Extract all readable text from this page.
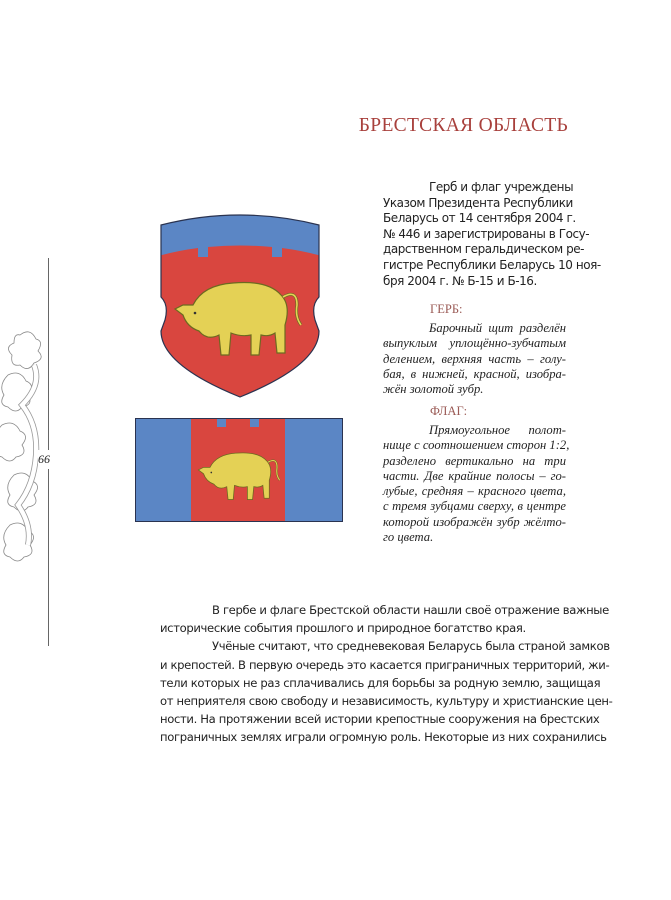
БРЕСТСКАЯ ОБЛАСТЬ
Герб и флаг учреждены
Указом Президента Республики
Беларусь от 14 сентября 2004 г.
№ 446 и зарегистрированы в Госу-
дарственном геральдическом ре-
гистре Республики Беларусь 10 ноя-
бря 2004 г. № Б-15 и Б-16.
ГЕРБ:
Барочный щит разделён
выпуклым уплощённо-зубчатым
делением, верхняя часть – голу-
бая, в нижней, красной, изобра-
жён золотой зубр.
ФЛАГ:
Прямоугольное полот-
нище с соотношением сторон 1:2,
разделено вертикально на три
части. Две крайние полосы – го-
лубые, средняя – красного цвета,
с тремя зубцами сверху, в центре
которой изображён зубр жёлто-
го цвета.
66
В гербе и флаге Брестской области нашли своё отражение важные
исторические события прошлого и природное богатство края.
Учёные считают, что средневековая Беларусь была страной замков
и крепостей. В первую очередь это касается приграничных территорий, жи-
тели которых не раз сплачивались для борьбы за родную землю, защищая
от неприятеля свою свободу и независимость, культуру и христианские цен-
ности. На протяжении всей истории крепостные сооружения на брестских
пограничных землях играли огромную роль. Некоторые из них сохранились
